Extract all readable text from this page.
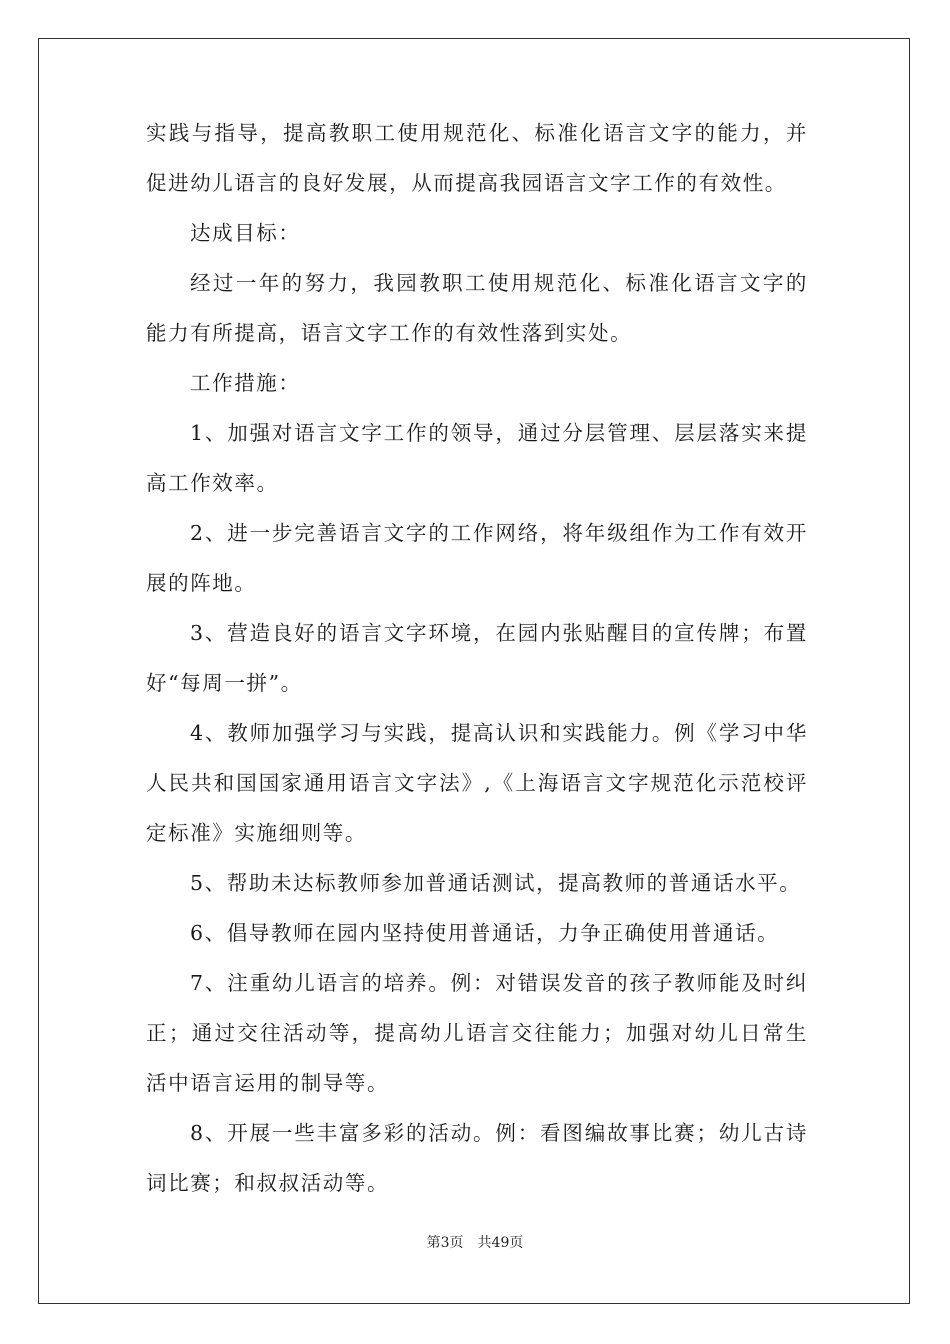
实践与指导，提高教职工使用规范化、标准化语言文字的能力，并促进幼儿语言的良好发展，从而提高我园语言文字工作的有效性。

达成目标：

经过一年的努力，我园教职工使用规范化、标准化语言文字的能力有所提高，语言文字工作的有效性落到实处。

工作措施：

1、加强对语言文字工作的领导，通过分层管理、层层落实来提高工作效率。

2、进一步完善语言文字的工作网络，将年级组作为工作有效开展的阵地。

3、营造良好的语言文字环境，在园内张贴醒目的宣传牌；布置好“每周一拼”。

4、教师加强学习与实践，提高认识和实践能力。例《学习中华人民共和国国家通用语言文字法》,《上海语言文字规范化示范校评定标准》实施细则等。

5、帮助未达标教师参加普通话测试，提高教师的普通话水平。

6、倡导教师在园内坚持使用普通话，力争正确使用普通话。

7、注重幼儿语言的培养。例：对错误发音的孩子教师能及时纠正；通过交往活动等，提高幼儿语言交往能力；加强对幼儿日常生活中语言运用的制导等。

8、开展一些丰富多彩的活动。例：看图编故事比赛；幼儿古诗词比赛；和叔叔活动等。

第3页 共49页
